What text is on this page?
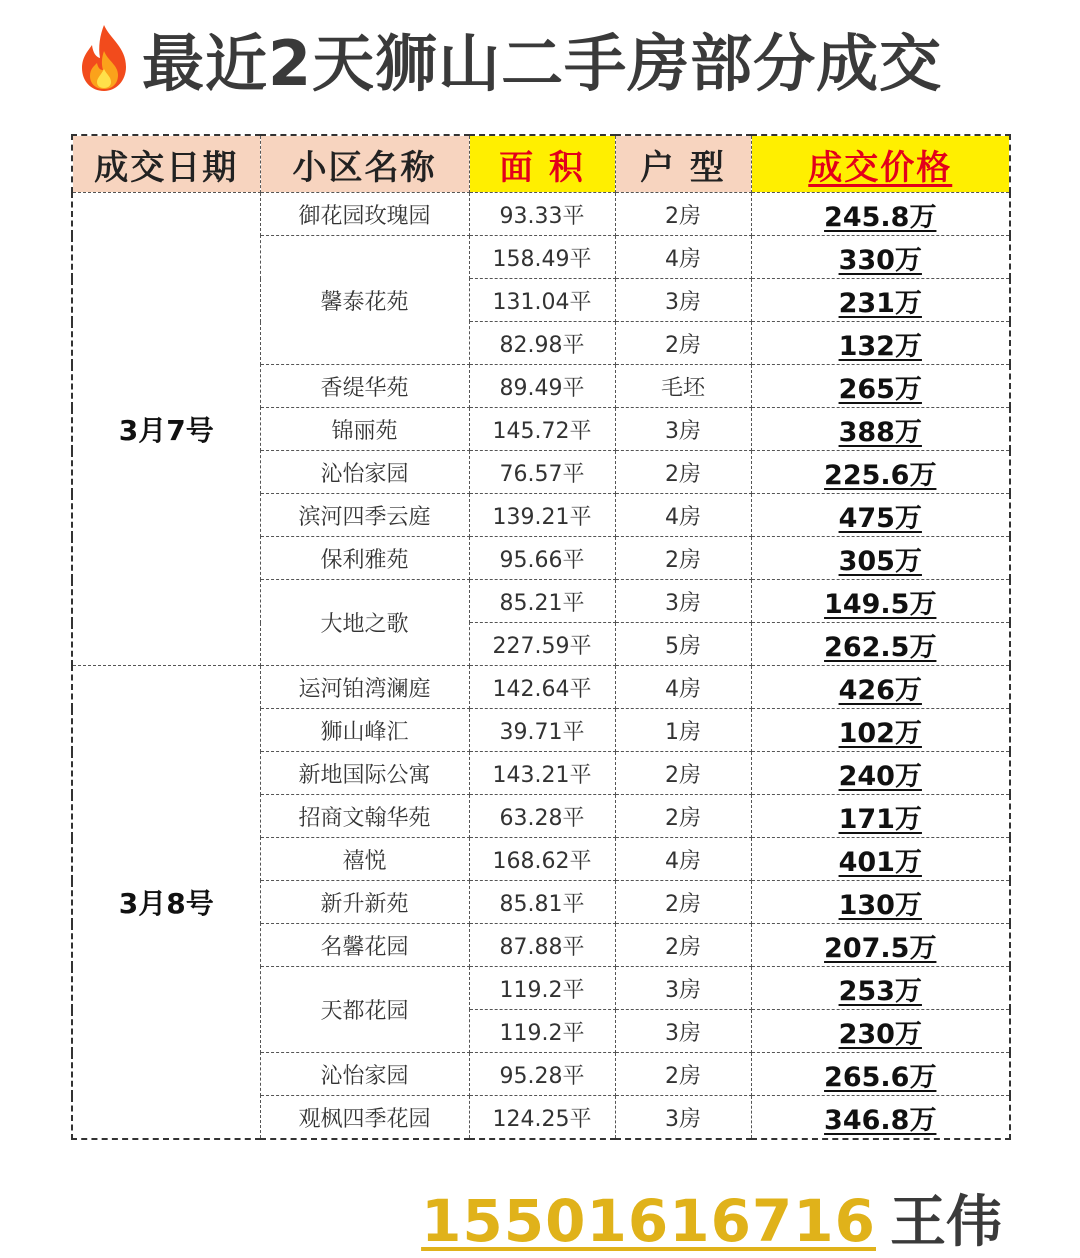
最近2天狮山二手房部分成交
成交日期	小区名称	面 积	户 型	成交价格
3月7号	御花园玫瑰园	93.33平	2房	245.8万
	馨泰花苑	158.49平	4房	330万
		131.04平	3房	231万
		82.98平	2房	132万
	香缇华苑	89.49平	毛坯	265万
	锦丽苑	145.72平	3房	388万
	沁怡家园	76.57平	2房	225.6万
	滨河四季云庭	139.21平	4房	475万
	保利雅苑	95.66平	2房	305万
	大地之歌	85.21平	3房	149.5万
		227.59平	5房	262.5万
3月8号	运河铂湾澜庭	142.64平	4房	426万
	狮山峰汇	39.71平	1房	102万
	新地国际公寓	143.21平	2房	240万
	招商文翰华苑	63.28平	2房	171万
	禧悦	168.62平	4房	401万
	新升新苑	85.81平	2房	130万
	名馨花园	87.88平	2房	207.5万
	天都花园	119.2平	3房	253万
		119.2平	3房	230万
	沁怡家园	95.28平	2房	265.6万
	观枫四季花园	124.25平	3房	346.8万
15501616716 王伟
